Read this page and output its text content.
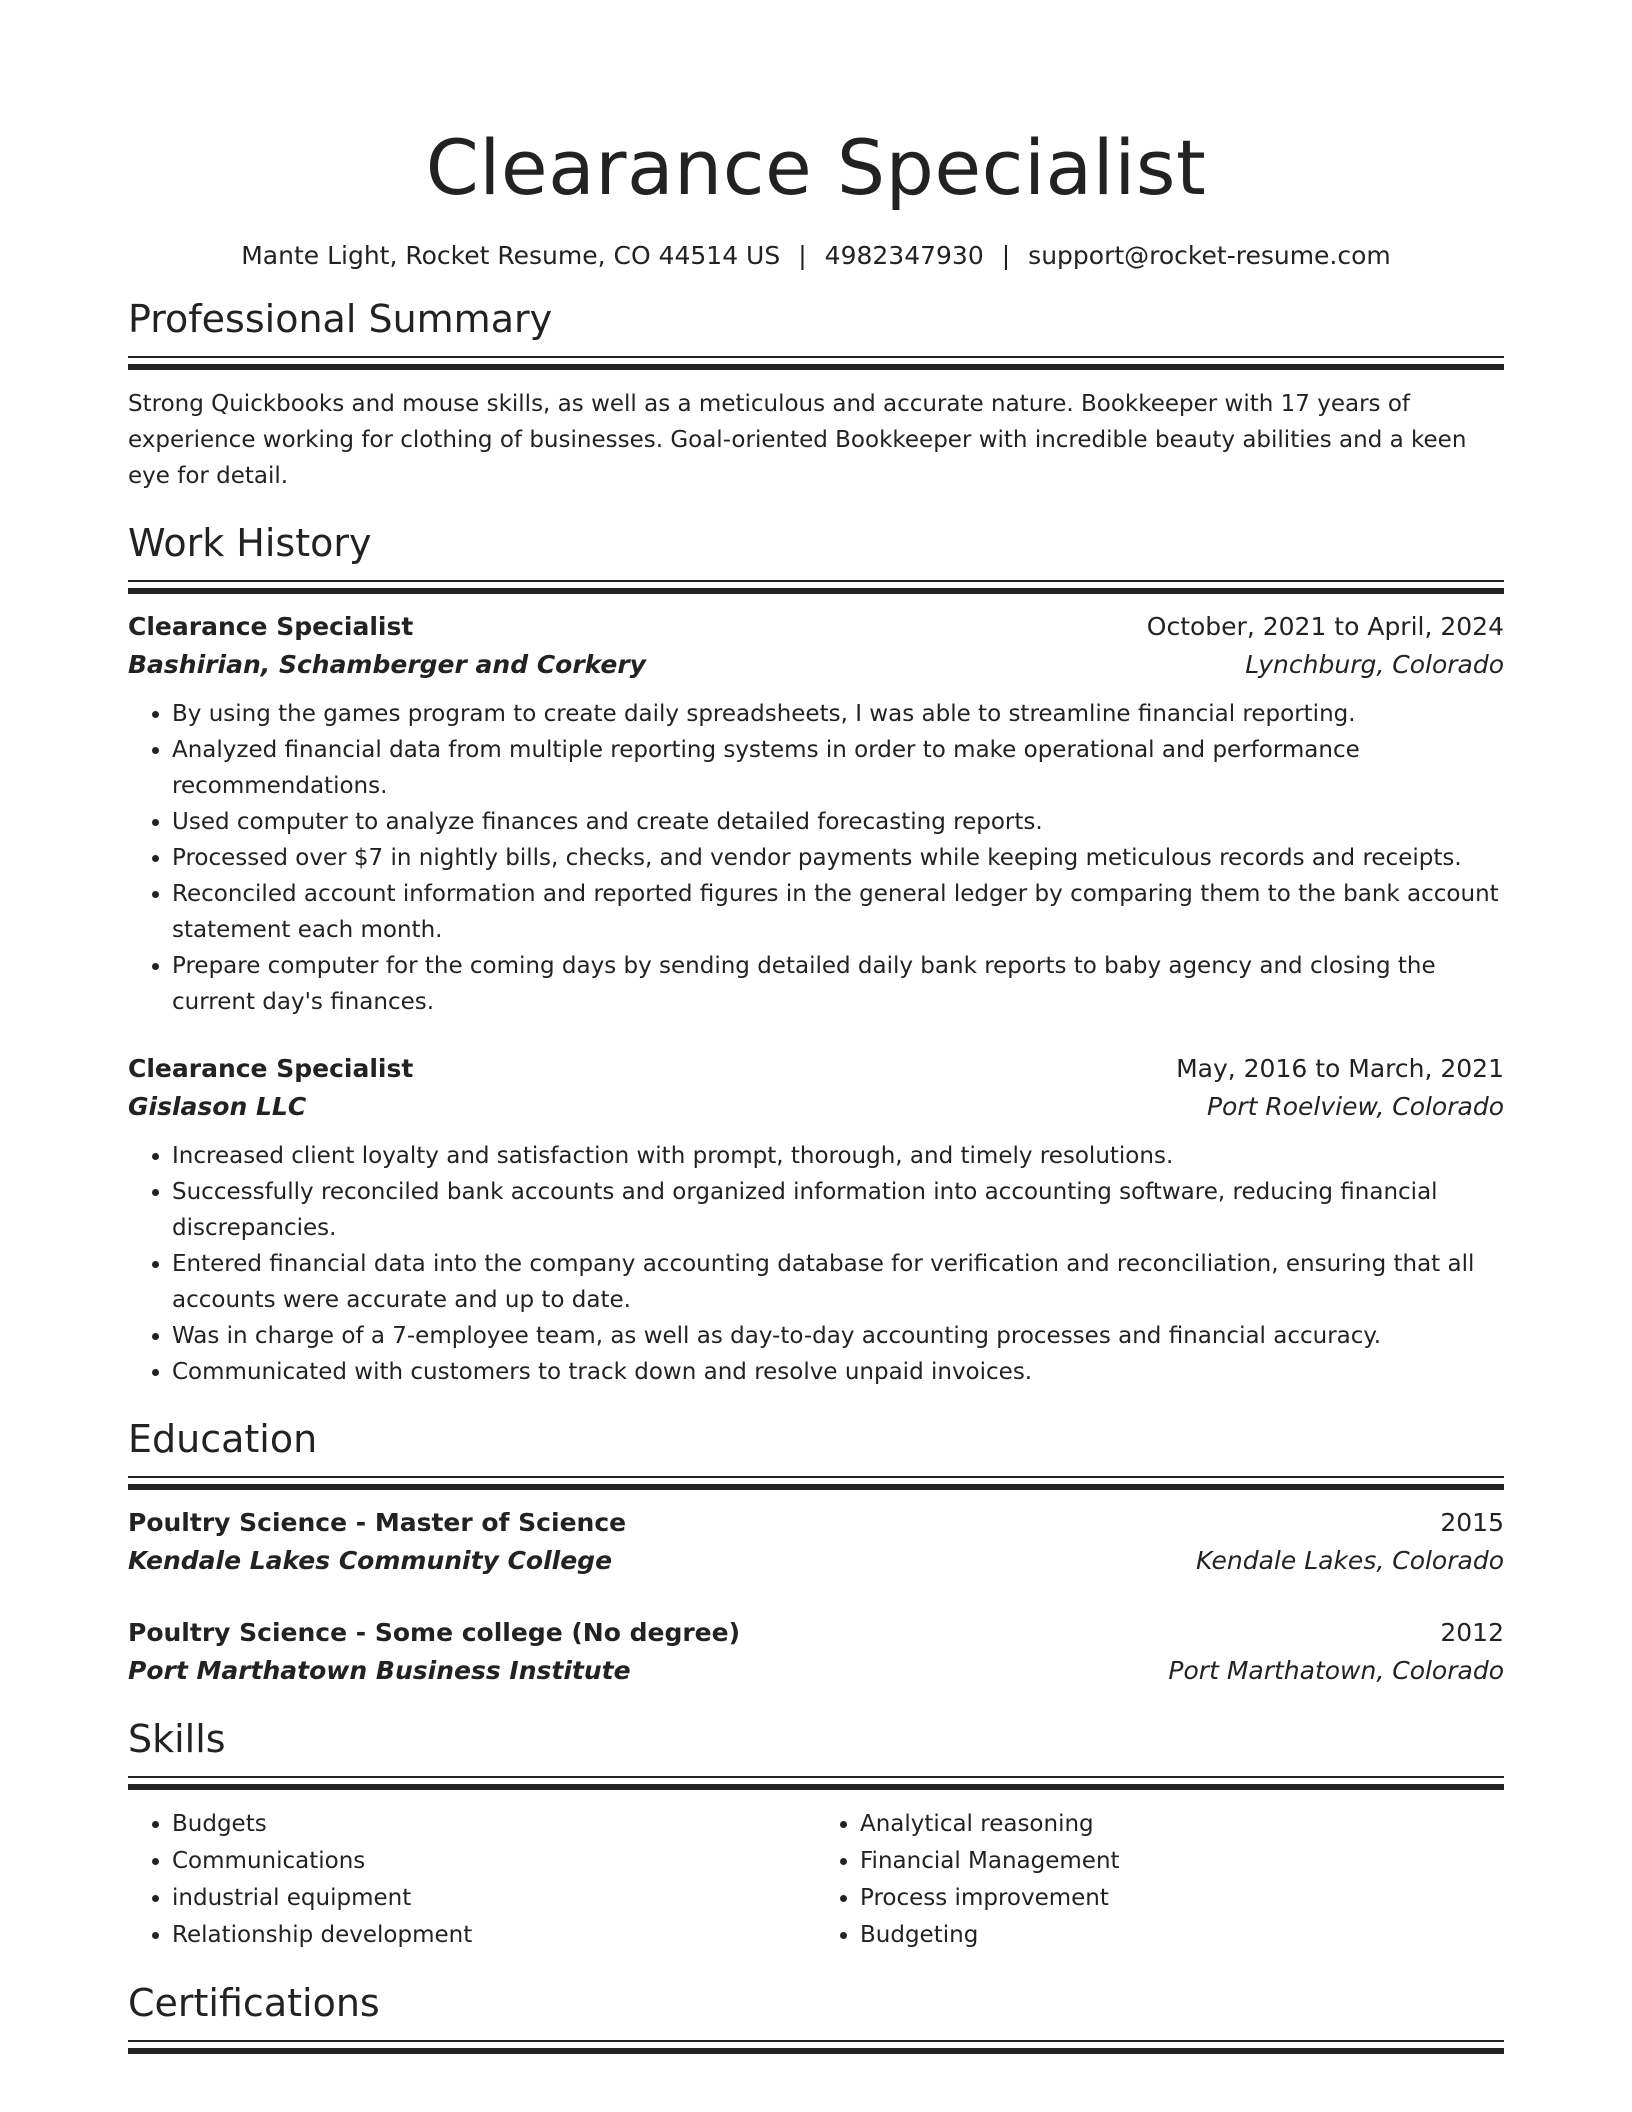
Clearance Specialist
Mante Light, Rocket Resume, CO 44514 US | 4982347930 | support@rocket-resume.com
Professional Summary
Strong Quickbooks and mouse skills, as well as a meticulous and accurate nature. Bookkeeper with 17 years of experience working for clothing of businesses. Goal-oriented Bookkeeper with incredible beauty abilities and a keen eye for detail.
Work History
Clearance Specialist	October, 2021 to April, 2024
Bashirian, Schamberger and Corkery	Lynchburg, Colorado
• By using the games program to create daily spreadsheets, I was able to streamline financial reporting.
• Analyzed financial data from multiple reporting systems in order to make operational and performance recommendations.
• Used computer to analyze finances and create detailed forecasting reports.
• Processed over $7 in nightly bills, checks, and vendor payments while keeping meticulous records and receipts.
• Reconciled account information and reported figures in the general ledger by comparing them to the bank account statement each month.
• Prepare computer for the coming days by sending detailed daily bank reports to baby agency and closing the current day's finances.
Clearance Specialist	May, 2016 to March, 2021
Gislason LLC	Port Roelview, Colorado
• Increased client loyalty and satisfaction with prompt, thorough, and timely resolutions.
• Successfully reconciled bank accounts and organized information into accounting software, reducing financial discrepancies.
• Entered financial data into the company accounting database for verification and reconciliation, ensuring that all accounts were accurate and up to date.
• Was in charge of a 7-employee team, as well as day-to-day accounting processes and financial accuracy.
• Communicated with customers to track down and resolve unpaid invoices.
Education
Poultry Science - Master of Science	2015
Kendale Lakes Community College	Kendale Lakes, Colorado
Poultry Science - Some college (No degree)	2012
Port Marthatown Business Institute	Port Marthatown, Colorado
Skills
• Budgets
• Communications
• industrial equipment
• Relationship development
• Analytical reasoning
• Financial Management
• Process improvement
• Budgeting
Certifications
